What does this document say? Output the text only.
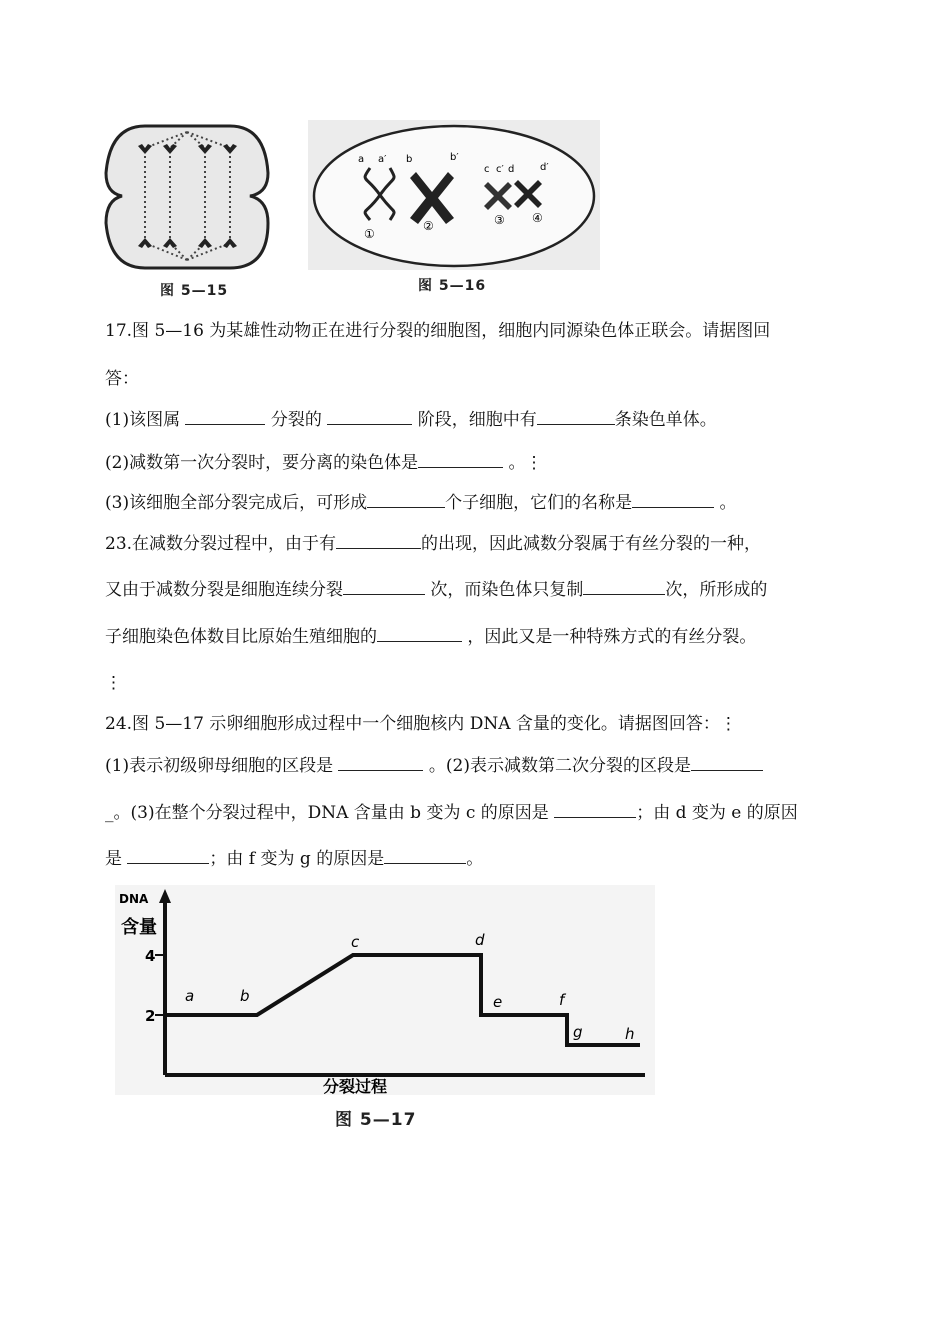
图 5—15
a a′ b	b′
①
②
c c′ d	d′
③ ④
图 5—16
17.图 5—16 为某雄性动物正在进行分裂的细胞图，细胞内同源染色体正联会。请据图回
答：
(1)该图属	分裂的	阶段，细胞中有	条染色单体。
(2)减数第一次分裂时，要分离的染色体是	。⋮
(3)该细胞全部分裂完成后，可形成	个子细胞，它们的名称是	。
23.在减数分裂过程中，由于有	的出现，因此减数分裂属于有丝分裂的一种，
又由于减数分裂是细胞连续分裂	次，而染色体只复制	次，所形成的
子细胞染色体数目比原始生殖细胞的	，因此又是一种特殊方式的有丝分裂。
⋮
24.图 5—17 示卵细胞形成过程中一个细胞核内 DNA 含量的变化。请据图回答：⋮
(1)表示初级卵母细胞的区段是	。(2)表示减数第二次分裂的区段是
_。(3)在整个分裂过程中，DNA 含量由 b 变为 c 的原因是	；由 d 变为 e 的原因
是	；由 f 变为 g 的原因是	。
DNA
含量
分裂过程
4
2
a	b
c	d
e	f
g	h
图 5—17
